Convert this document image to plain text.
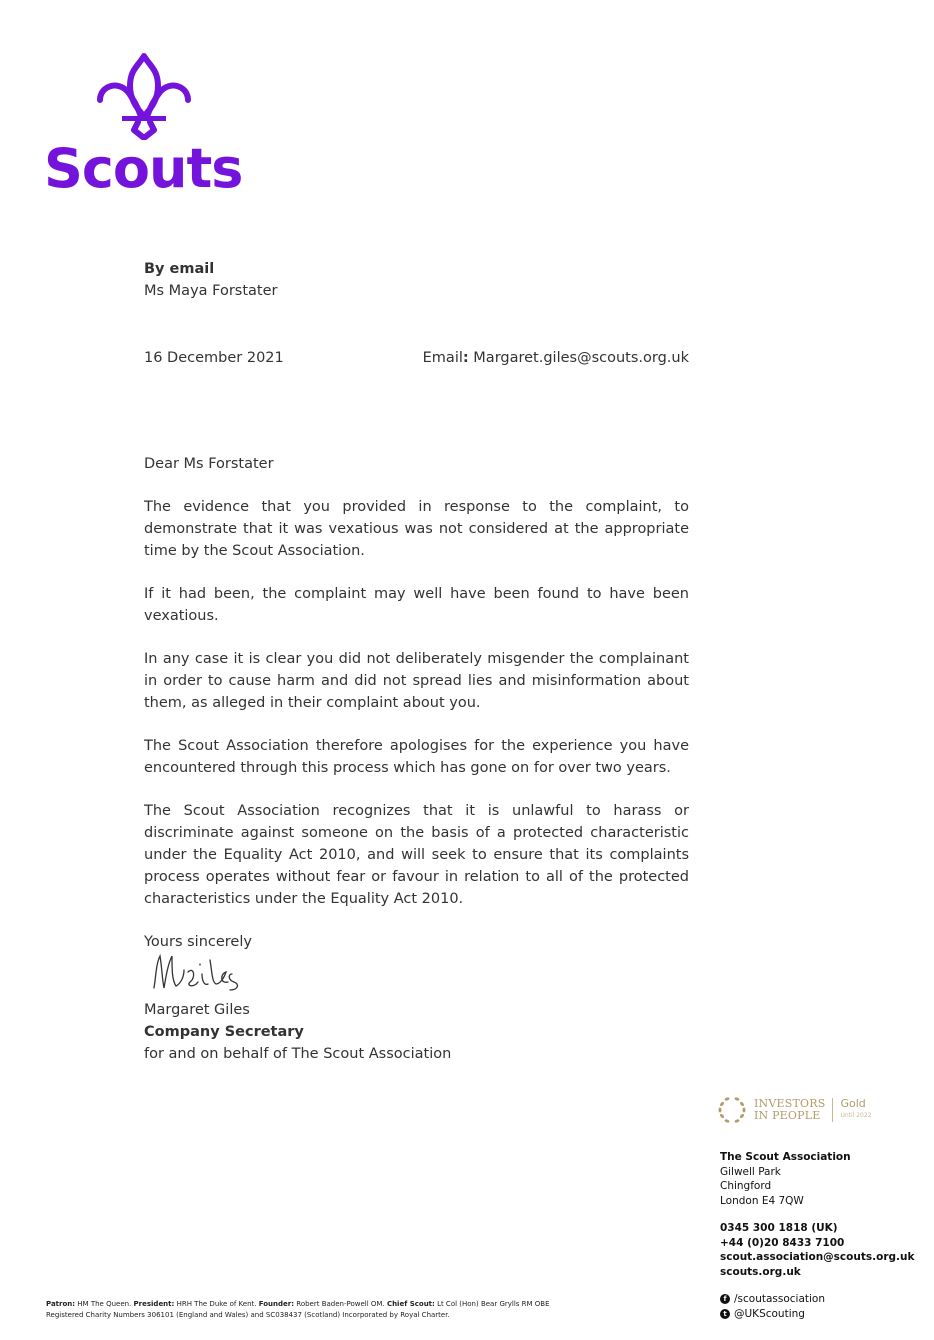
Scouts
By email
Ms Maya Forstater
16 December 2021	Email: Margaret.giles@scouts.org.uk

Dear Ms Forstater

The evidence that you provided in response to the complaint, to demonstrate that it was vexatious was not considered at the appropriate time by the Scout Association.

If it had been, the complaint may well have been found to have been vexatious.

In any case it is clear you did not deliberately misgender the complainant in order to cause harm and did not spread lies and misinformation about them, as alleged in their complaint about you.

The Scout Association therefore apologises for the experience you have encountered through this process which has gone on for over two years.

The Scout Association recognizes that it is unlawful to harass or discriminate against someone on the basis of a protected characteristic under the Equality Act 2010, and will seek to ensure that its complaints process operates without fear or favour in relation to all of the protected characteristics under the Equality Act 2010.

Yours sincerely

Margaret Giles
Company Secretary
for and on behalf of The Scout Association
INVESTORS
IN PEOPLE
Gold
Until 2022
The Scout Association
Gilwell Park
Chingford
London E4 7QW
0345 300 1818 (UK)
+44 (0)20 8433 7100
scout.association@scouts.org.uk
scouts.org.uk
f /scoutassociation
t @UKScouting
Patron: HM The Queen. President: HRH The Duke of Kent. Founder: Robert Baden-Powell OM. Chief Scout: Lt Col (Hon) Bear Grylls RM OBE
Registered Charity Numbers 306101 (England and Wales) and SC038437 (Scotland) Incorporated by Royal Charter.
